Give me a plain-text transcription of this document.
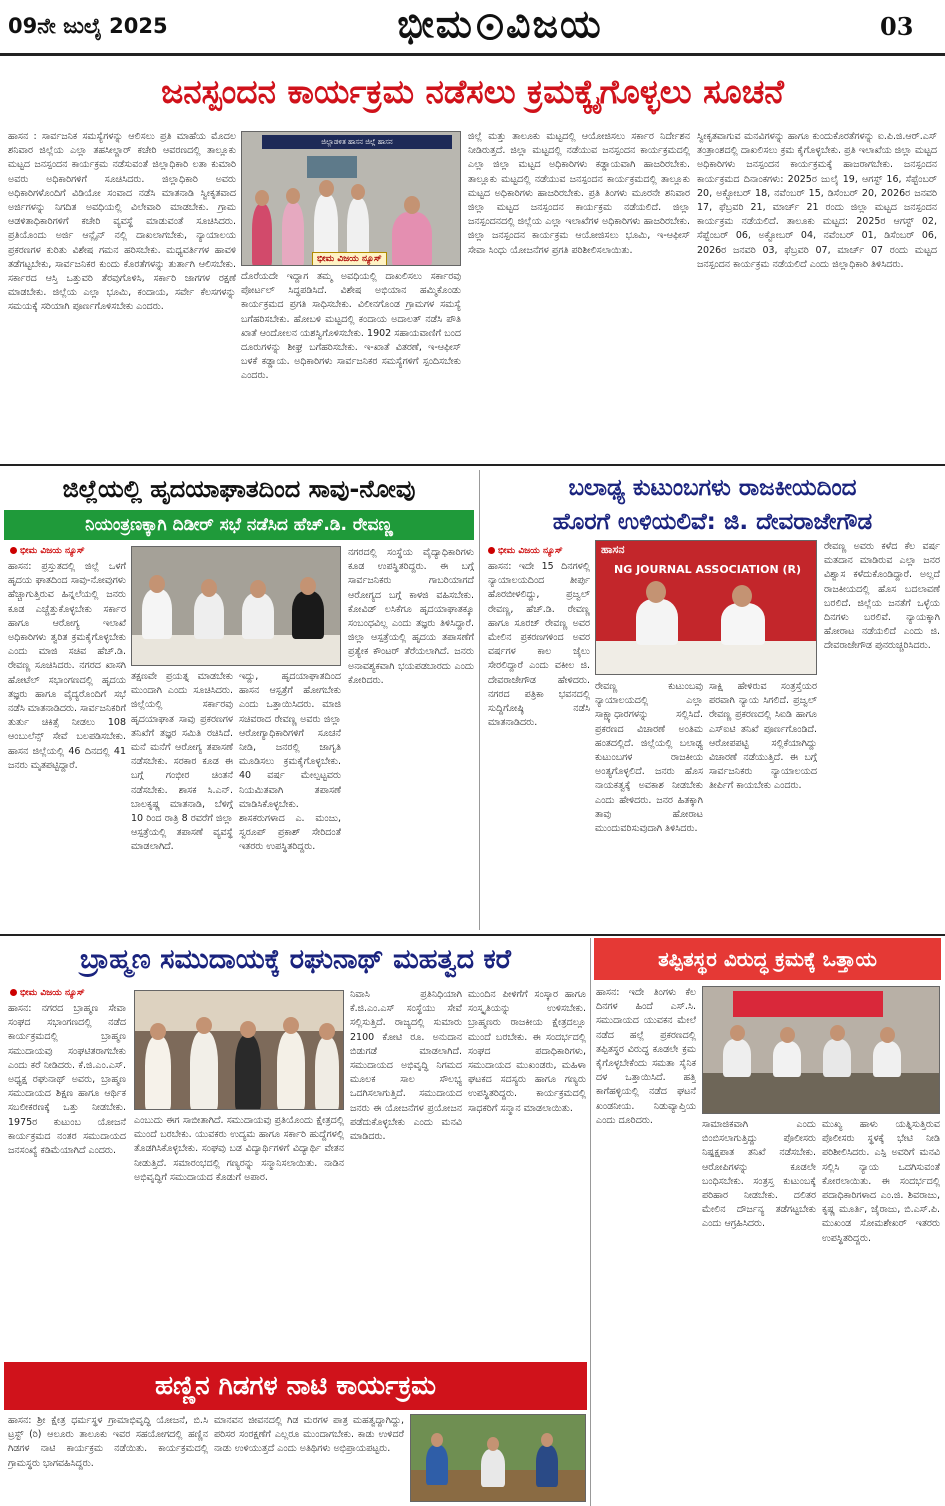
09ನೇ ಜುಲೈ 2025	ಭೀಮ ವಿಜಯ	03
ಜನಸ್ಪಂದನ ಕಾರ್ಯಕ್ರಮ ನಡೆಸಲು ಕ್ರಮಕ್ಕೈಗೊಳ್ಳಲು ಸೂಚನೆ
ಹಾಸನ : ಸಾರ್ವಜನಿಕ ಸಮಸ್ಯೆಗಳನ್ನು ಆಲಿಸಲು ಪ್ರತಿ ಮಾಹೆಯ ಮೊದಲ ಶನಿವಾರ ಜಿಲ್ಲೆಯ ಎಲ್ಲಾ ತಹಸೀಲ್ದಾರ್ ಕಚೇರಿ ಆವರಣದಲ್ಲಿ ತಾಲ್ಲೂಕು ಮಟ್ಟದ ಜನಸ್ಪಂದನ ಕಾರ್ಯಕ್ರಮ ನಡೆಸುವಂತೆ ಜಿಲ್ಲಾಧಿಕಾರಿ ಲತಾ ಕುಮಾರಿ ಅವರು ಅಧಿಕಾರಿಗಳಿಗೆ ಸೂಚಿಸಿದರು. ಜಿಲ್ಲಾಧಿಕಾರಿ ಅವರು ಅಧಿಕಾರಿಗಳೊಂದಿಗೆ ವಿಡಿಯೋ ಸಂವಾದ ನಡೆಸಿ ಮಾತನಾಡಿ ಸ್ವೀಕೃತವಾದ ಅರ್ಜಿಗಳನ್ನು ನಿಗದಿತ ಅವಧಿಯಲ್ಲಿ ವಿಲೇವಾರಿ ಮಾಡಬೇಕು. ಗ್ರಾಮ ಆಡಳಿತಾಧಿಕಾರಿಗಳಿಗೆ ಕಚೇರಿ ವ್ಯವಸ್ಥೆ ಮಾಡುವಂತೆ ಸೂಚಿಸಿದರು. ಪ್ರತಿಯೊಂದು ಅರ್ಜಿ ಆನ್ಲೈನ್ ನಲ್ಲಿ ದಾಖಲಾಗಬೇಕು, ನ್ಯಾಯಾಲಯ ಪ್ರಕರಣಗಳ ಕುರಿತು ವಿಶೇಷ ಗಮನ ಹರಿಸಬೇಕು. ಮಧ್ಯವರ್ತಿಗಳ ಹಾವಳಿ ತಡೆಗಟ್ಟಬೇಕು, ಸಾರ್ವಜನಿಕರ ಕುಂದು ಕೊರತೆಗಳನ್ನು ತುರ್ತಾಗಿ ಆಲಿಸಬೇಕು. ಸರ್ಕಾರದ ಆಸ್ತಿ ಒತ್ತುವರಿ ತೆರವುಗೊಳಿಸಿ, ಸರ್ಕಾರಿ ಜಾಗಗಳ ರಕ್ಷಣೆ ಮಾಡಬೇಕು. ಜಿಲ್ಲೆಯ ಎಲ್ಲಾ ಭೂಮಿ, ಕಂದಾಯ, ಸರ್ವೇ ಕೆಲಸಗಳನ್ನು ಸಮಯಕ್ಕೆ ಸರಿಯಾಗಿ ಪೂರ್ಣಗೊಳಿಸಬೇಕು ಎಂದರು.
ಜಿಲ್ಲಾಡಳಿತ ಹಾಸನ ಜಿಲ್ಲೆ ಹಾಸನ
ಭೀಮ ವಿಜಯ ನ್ಯೂಸ್
ದೊರೆಯದೇ ಇದ್ದಾಗ ತಮ್ಮ ಅವಧಿಯಲ್ಲಿ ದಾಖಲಿಸಲು ಸರ್ಕಾರವು ಪೋರ್ಟಲ್ ಸಿದ್ಧಪಡಿಸಿದೆ. ವಿಶೇಷ ಅಭಿಯಾನ ಹಮ್ಮಿಕೊಂಡು ಕಾರ್ಯಕ್ರಮದ ಪ್ರಗತಿ ಸಾಧಿಸಬೇಕು. ವಿಲೀನಗೊಂಡ ಗ್ರಾಮಗಳ ಸಮಸ್ಯೆ ಬಗೆಹರಿಸಬೇಕು. ಹೋಬಳಿ ಮಟ್ಟದಲ್ಲಿ ಕಂದಾಯ ಅದಾಲತ್ ನಡೆಸಿ ಪೌತಿ ಖಾತೆ ಆಂದೋಲನ ಯಶಸ್ವಿಗೊಳಿಸಬೇಕು. 1902 ಸಹಾಯವಾಣಿಗೆ ಬಂದ ದೂರುಗಳನ್ನು ಶೀಘ್ರ ಬಗೆಹರಿಸಬೇಕು. ಇ-ಖಾತೆ ವಿತರಣೆ, ಇ-ಆಫೀಸ್ ಬಳಕೆ ಕಡ್ಡಾಯ. ಅಧಿಕಾರಿಗಳು ಸಾರ್ವಜನಿಕರ ಸಮಸ್ಯೆಗಳಿಗೆ ಸ್ಪಂದಿಸಬೇಕು ಎಂದರು.
ಜಿಲ್ಲೆ ಮತ್ತು ತಾಲೂಕು ಮಟ್ಟದಲ್ಲಿ ಆಯೋಜಿಸಲು ಸರ್ಕಾರ ನಿರ್ದೇಶನ ನೀಡಿರುತ್ತದೆ. ಜಿಲ್ಲಾ ಮಟ್ಟದಲ್ಲಿ ನಡೆಯುವ ಜನಸ್ಪಂದನ ಕಾರ್ಯಕ್ರಮದಲ್ಲಿ ಎಲ್ಲಾ ಜಿಲ್ಲಾ ಮಟ್ಟದ ಅಧಿಕಾರಿಗಳು ಕಡ್ಡಾಯವಾಗಿ ಹಾಜರಿರಬೇಕು. ತಾಲ್ಲೂಕು ಮಟ್ಟದಲ್ಲಿ ನಡೆಯುವ ಜನಸ್ಪಂದನ ಕಾರ್ಯಕ್ರಮದಲ್ಲಿ ತಾಲ್ಲೂಕು ಮಟ್ಟದ ಅಧಿಕಾರಿಗಳು ಹಾಜರಿರಬೇಕು. ಪ್ರತಿ ತಿಂಗಳು ಮೂರನೇ ಶನಿವಾರ ಜಿಲ್ಲಾ ಮಟ್ಟದ ಜನಸ್ಪಂದನ ಕಾರ್ಯಕ್ರಮ ನಡೆಯಲಿದೆ. ಜಿಲ್ಲಾ ಜನಸ್ಪಂದನದಲ್ಲಿ ಜಿಲ್ಲೆಯ ಎಲ್ಲಾ ಇಲಾಖೆಗಳ ಅಧಿಕಾರಿಗಳು ಹಾಜರಿರಬೇಕು. ಜಿಲ್ಲಾ ಜನಸ್ಪಂದನ ಕಾರ್ಯಕ್ರಮ ಆಯೋಜಿಸಲು ಭೂಮಿ, ಇ-ಆಫೀಸ್ ಸೇವಾ ಸಿಂಧು ಯೋಜನೆಗಳ ಪ್ರಗತಿ ಪರಿಶೀಲಿಸಲಾಯಿತು.
ಸ್ವೀಕೃತವಾಗುವ ಮನವಿಗಳನ್ನು ಹಾಗೂ ಕುಂದುಕೊರತೆಗಳನ್ನು ಐ.ಪಿ.ಜಿ.ಆರ್.ಎಸ್ ತಂತ್ರಾಂಶದಲ್ಲಿ ದಾಖಲಿಸಲು ಕ್ರಮ ಕೈಗೊಳ್ಳಬೇಕು. ಪ್ರತಿ ಇಲಾಖೆಯ ಜಿಲ್ಲಾ ಮಟ್ಟದ ಅಧಿಕಾರಿಗಳು ಜನಸ್ಪಂದನ ಕಾರ್ಯಕ್ರಮಕ್ಕೆ ಹಾಜರಾಗಬೇಕು. ಜನಸ್ಪಂದನ ಕಾರ್ಯಕ್ರಮದ ದಿನಾಂಕಗಳು: 2025ರ ಜುಲೈ 19, ಆಗಸ್ಟ್ 16, ಸೆಪ್ಟೆಂಬರ್ 20, ಅಕ್ಟೋಬರ್ 18, ನವೆಂಬರ್ 15, ಡಿಸೆಂಬರ್ 20, 2026ರ ಜನವರಿ 17, ಫೆಬ್ರವರಿ 21, ಮಾರ್ಚ್ 21 ರಂದು ಜಿಲ್ಲಾ ಮಟ್ಟದ ಜನಸ್ಪಂದನ ಕಾರ್ಯಕ್ರಮ ನಡೆಯಲಿದೆ. ತಾಲೂಕು ಮಟ್ಟದ: 2025ರ ಆಗಸ್ಟ್ 02, ಸೆಪ್ಟೆಂಬರ್ 06, ಅಕ್ಟೋಬರ್ 04, ನವೆಂಬರ್ 01, ಡಿಸೆಂಬರ್ 06, 2026ರ ಜನವರಿ 03, ಫೆಬ್ರವರಿ 07, ಮಾರ್ಚ್ 07 ರಂದು ಮಟ್ಟದ ಜನಸ್ಪಂದನ ಕಾರ್ಯಕ್ರಮ ನಡೆಯಲಿದೆ ಎಂದು ಜಿಲ್ಲಾಧಿಕಾರಿ ತಿಳಿಸಿದರು.
ಜಿಲ್ಲೆಯಲ್ಲಿ ಹೃದಯಾಘಾತದಿಂದ ಸಾವು-ನೋವು
ನಿಯಂತ್ರಣಕ್ಕಾಗಿ ದಿಡೀರ್ ಸಭೆ ನಡೆಸಿದ ಹೆಚ್.ಡಿ. ರೇವಣ್ಣ
ಭೀಮ ವಿಜಯ ನ್ಯೂಸ್
ಹಾಸನ: ಪ್ರಸ್ತುತದಲ್ಲಿ ಜಿಲ್ಲೆ ಒಳಗೆ ಹೃದಯ ಘಾತದಿಂದ ಸಾವು-ನೋವುಗಳು ಹೆಚ್ಚಾಗುತ್ತಿರುವ ಹಿನ್ನಲೆಯಲ್ಲಿ ಜನರು ಕೂಡ ಎಚ್ಚೆತ್ತುಕೊಳ್ಳಬೇಕು ಸರ್ಕಾರ ಹಾಗೂ ಆರೋಗ್ಯ ಇಲಾಖೆ ಅಧಿಕಾರಿಗಳು ತ್ವರಿತ ಕ್ರಮಕೈಗೊಳ್ಳಬೇಕು ಎಂದು ಮಾಜಿ ಸಚಿವ ಹೆಚ್.ಡಿ. ರೇವಣ್ಣ ಸೂಚಿಸಿದರು. ನಗರದ ಖಾಸಗಿ ಹೋಟೆಲ್ ಸಭಾಂಗಣದಲ್ಲಿ ಹೃದಯ ತಜ್ಞರು ಹಾಗೂ ವೈದ್ಯರೊಂದಿಗೆ ಸಭೆ ನಡೆಸಿ ಮಾತನಾಡಿದರು. ಸಾರ್ವಜನಿಕರಿಗೆ ತುರ್ತು ಚಿಕಿತ್ಸೆ ನೀಡಲು 108 ಆಂಬುಲೆನ್ಸ್ ಸೇವೆ ಬಲಪಡಿಸಬೇಕು. ಹಾಸನ ಜಿಲ್ಲೆಯಲ್ಲಿ 46 ದಿನದಲ್ಲಿ 41 ಜನರು ಮೃತಪಟ್ಟಿದ್ದಾರೆ.
ತಕ್ಷಣವೇ ಪ್ರಯತ್ನ ಮಾಡಬೇಕು ಮುಂದಾಗಿ ಎಂದು ಸೂಚಿಸಿದರು. ಜಿಲ್ಲೆಯಲ್ಲಿ ಸರ್ಕಾರವು ಹೃದಯಾಘಾತ ಸಾವು ಪ್ರಕರಣಗಳ ತನಿಖೆಗೆ ತಜ್ಞರ ಸಮಿತಿ ರಚಿಸಿದೆ. ಮನೆ ಮನೆಗೆ ಆರೋಗ್ಯ ತಪಾಸಣೆ ನಡೆಸಬೇಕು. ಸರಕಾರ ಕೂಡ ಈ ಬಗ್ಗೆ ಗಂಭೀರ ಚಿಂತನೆ ನಡೆಸಬೇಕು. ಶಾಸಕ ಸಿ.ಎನ್. ಬಾಲಕೃಷ್ಣ ಮಾತನಾಡಿ, ಬೆಳಿಗ್ಗೆ 10 ರಿಂದ ರಾತ್ರಿ 8 ರವರೆಗೆ ಜಿಲ್ಲಾ ಆಸ್ಪತ್ರೆಯಲ್ಲಿ ತಪಾಸಣೆ ವ್ಯವಸ್ಥೆ ಮಾಡಲಾಗಿದೆ.
ಇದ್ದು, ಹೃದಯಾಘಾತದಿಂದ ಹಾಸನ ಆಸ್ಪತ್ರೆಗೆ ಹೋಗಬೇಕು ಎಂದು ಒತ್ತಾಯಿಸಿದರು. ಮಾಜಿ ಸಚಿವರಾದ ರೇವಣ್ಣ ಅವರು ಜಿಲ್ಲಾ ಆರೋಗ್ಯಾಧಿಕಾರಿಗಳಿಗೆ ಸೂಚನೆ ನೀಡಿ, ಜನರಲ್ಲಿ ಜಾಗೃತಿ ಮೂಡಿಸಲು ಕ್ರಮಕೈಗೊಳ್ಳಬೇಕು. 40 ವರ್ಷ ಮೇಲ್ಪಟ್ಟವರು ನಿಯಮಿತವಾಗಿ ತಪಾಸಣೆ ಮಾಡಿಸಿಕೊಳ್ಳಬೇಕು. ಶಾಸಕರುಗಳಾದ ಎ. ಮಂಜು, ಸ್ವರೂಪ್ ಪ್ರಕಾಶ್ ಸೇರಿದಂತೆ ಇತರರು ಉಪಸ್ಥಿತರಿದ್ದರು.
ನಗರದಲ್ಲಿ ಸಂಸ್ಥೆಯ ವೈದ್ಯಾಧಿಕಾರಿಗಳು ಕೂಡ ಉಪಸ್ಥಿತರಿದ್ದರು. ಈ ಬಗ್ಗೆ ಸಾರ್ವಜನಿಕರು ಗಾಬರಿಯಾಗದೆ ಆರೋಗ್ಯದ ಬಗ್ಗೆ ಕಾಳಜಿ ವಹಿಸಬೇಕು. ಕೋವಿಡ್ ಲಸಿಕೆಗೂ ಹೃದಯಾಘಾತಕ್ಕೂ ಸಂಬಂಧವಿಲ್ಲ ಎಂದು ತಜ್ಞರು ತಿಳಿಸಿದ್ದಾರೆ. ಜಿಲ್ಲಾ ಆಸ್ಪತ್ರೆಯಲ್ಲಿ ಹೃದಯ ತಪಾಸಣೆಗೆ ಪ್ರತ್ಯೇಕ ಕೌಂಟರ್ ತೆರೆಯಲಾಗಿದೆ. ಜನರು ಅನಾವಶ್ಯಕವಾಗಿ ಭಯಪಡಬಾರದು ಎಂದು ಕೋರಿದರು.
ಬಲಾಢ್ಯ ಕುಟುಂಬಗಳು ರಾಜಕೀಯದಿಂದ
ಹೊರಗೆ ಉಳಿಯಲಿವೆ: ಜಿ. ದೇವರಾಜೇಗೌಡ
ಭೀಮ ವಿಜಯ ನ್ಯೂಸ್
ಹಾಸನ: ಇದೇ 15 ದಿನಗಳಲ್ಲಿ ನ್ಯಾಯಾಲಯದಿಂದ ತೀರ್ಪು ಹೊರಬೀಳಲಿದ್ದು, ಪ್ರಜ್ವಲ್ ರೇವಣ್ಣ, ಹೆಚ್.ಡಿ. ರೇವಣ್ಣ ಹಾಗೂ ಸೂರಜ್ ರೇವಣ್ಣ ಅವರ ಮೇಲಿನ ಪ್ರಕರಣಗಳಿಂದ ಅವರ ವರ್ಷಗಳ ಕಾಲ ಜೈಲು ಸೇರಲಿದ್ದಾರೆ ಎಂದು ವಕೀಲ ಜಿ. ದೇವರಾಜೇಗೌಡ ಹೇಳಿದರು. ನಗರದ ಪತ್ರಿಕಾ ಭವನದಲ್ಲಿ ಸುದ್ದಿಗೋಷ್ಠಿ ನಡೆಸಿ ಮಾತನಾಡಿದರು.
ಹಾಸನ
NG JOURNAL ASSOCIATION (R)
ರೇವಣ್ಣ ಕುಟುಂಬವು ನ್ಯಾಯಾಲಯದಲ್ಲಿ ಎಲ್ಲಾ ಸಾಕ್ಷ್ಯಾಧಾರಗಳನ್ನು ಸಲ್ಲಿಸಿದೆ. ಪ್ರಕರಣದ ವಿಚಾರಣೆ ಅಂತಿಮ ಹಂತದಲ್ಲಿದೆ. ಜಿಲ್ಲೆಯಲ್ಲಿ ಬಲಾಢ್ಯ ಕುಟುಂಬಗಳ ರಾಜಕೀಯ ಅಂತ್ಯಗೊಳ್ಳಲಿದೆ. ಜನರು ಹೊಸ ನಾಯಕತ್ವಕ್ಕೆ ಅವಕಾಶ ನೀಡಬೇಕು ಎಂದು ಹೇಳಿದರು. ಜನರ ಹಿತಕ್ಕಾಗಿ ತಾವು ಹೋರಾಟ ಮುಂದುವರಿಸುವುದಾಗಿ ತಿಳಿಸಿದರು.
ಸಾಕ್ಷಿ ಹೇಳಿರುವ ಸಂತ್ರಸ್ತೆಯರ ಪರವಾಗಿ ನ್ಯಾಯ ಸಿಗಲಿದೆ. ಪ್ರಜ್ವಲ್ ರೇವಣ್ಣ ಪ್ರಕರಣದಲ್ಲಿ ಸಿಐಡಿ ಹಾಗೂ ಎಸ್ಐಟಿ ತನಿಖೆ ಪೂರ್ಣಗೊಂಡಿದೆ. ಆರೋಪಪಟ್ಟಿ ಸಲ್ಲಿಕೆಯಾಗಿದ್ದು ವಿಚಾರಣೆ ನಡೆಯುತ್ತಿದೆ. ಈ ಬಗ್ಗೆ ಸಾರ್ವಜನಿಕರು ನ್ಯಾಯಾಲಯದ ತೀರ್ಪಿಗೆ ಕಾಯಬೇಕು ಎಂದರು.
ರೇವಣ್ಣ ಅವರು ಕಳೆದ ಕೆಲ ವರ್ಷ ಮತದಾನ ಮಾಡಿರುವ ಎಲ್ಲಾ ಜನರ ವಿಶ್ವಾಸ ಕಳೆದುಕೊಂಡಿದ್ದಾರೆ. ಅಲ್ಲದೆ ರಾಜಕೀಯದಲ್ಲಿ ಹೊಸ ಬದಲಾವಣೆ ಬರಲಿದೆ. ಜಿಲ್ಲೆಯ ಜನತೆಗೆ ಒಳ್ಳೆಯ ದಿನಗಳು ಬರಲಿವೆ. ನ್ಯಾಯಕ್ಕಾಗಿ ಹೋರಾಟ ನಡೆಯಲಿದೆ ಎಂದು ಜಿ. ದೇವರಾಜೇಗೌಡ ಪುನರುಚ್ಚರಿಸಿದರು.
ಬ್ರಾಹ್ಮಣ ಸಮುದಾಯಕ್ಕೆ ರಘುನಾಥ್ ಮಹತ್ವದ ಕರೆ
ಭೀಮ ವಿಜಯ ನ್ಯೂಸ್
ಹಾಸನ: ನಗರದ ಬ್ರಾಹ್ಮಣ ಸೇವಾ ಸಂಘದ ಸಭಾಂಗಣದಲ್ಲಿ ನಡೆದ ಕಾರ್ಯಕ್ರಮದಲ್ಲಿ ಬ್ರಾಹ್ಮಣ ಸಮುದಾಯವು ಸಂಘಟಿತರಾಗಬೇಕು ಎಂದು ಕರೆ ನೀಡಿದರು. ಕೆ.ಜಿ.ಎಂ.ಎಸ್. ಅಧ್ಯಕ್ಷ ರಘುನಾಥ್ ಅವರು, ಬ್ರಾಹ್ಮಣ ಸಮುದಾಯದ ಶಿಕ್ಷಣ ಹಾಗೂ ಆರ್ಥಿಕ ಸಬಲೀಕರಣಕ್ಕೆ ಒತ್ತು ನೀಡಬೇಕು. 1975ರ ಕುಟುಂಬ ಯೋಜನೆ ಕಾರ್ಯಕ್ರಮದ ನಂತರ ಸಮುದಾಯದ ಜನಸಂಖ್ಯೆ ಕಡಿಮೆಯಾಗಿದೆ ಎಂದರು.
ಎಂಬುದು ಈಗ ಸಾಬೀತಾಗಿದೆ. ಸಮುದಾಯವು ಪ್ರತಿಯೊಂದು ಕ್ಷೇತ್ರದಲ್ಲಿ ಮುಂದೆ ಬರಬೇಕು. ಯುವಕರು ಉದ್ಯಮ ಹಾಗೂ ಸರ್ಕಾರಿ ಹುದ್ದೆಗಳಲ್ಲಿ ತೊಡಗಿಸಿಕೊಳ್ಳಬೇಕು. ಸಂಘವು ಬಡ ವಿದ್ಯಾರ್ಥಿಗಳಿಗೆ ವಿದ್ಯಾರ್ಥಿ ವೇತನ ನೀಡುತ್ತಿದೆ. ಸಮಾರಂಭದಲ್ಲಿ ಗಣ್ಯರನ್ನು ಸನ್ಮಾನಿಸಲಾಯಿತು. ನಾಡಿನ ಅಭಿವೃದ್ಧಿಗೆ ಸಮುದಾಯದ ಕೊಡುಗೆ ಅಪಾರ.
ನಿವಾಸಿ ಪ್ರತಿನಿಧಿಯಾಗಿ ಕೆ.ಜಿ.ಎಂ.ಎಸ್ ಸಂಸ್ಥೆಯು ಸೇವೆ ಸಲ್ಲಿಸುತ್ತಿದೆ. ರಾಜ್ಯದಲ್ಲಿ ಸುಮಾರು 2100 ಕೋಟಿ ರೂ. ಅನುದಾನ ಬಿಡುಗಡೆ ಮಾಡಲಾಗಿದೆ. ಸಮುದಾಯದ ಅಭಿವೃದ್ಧಿ ನಿಗಮದ ಮೂಲಕ ಸಾಲ ಸೌಲಭ್ಯ ಒದಗಿಸಲಾಗುತ್ತಿದೆ. ಸಮುದಾಯದ ಜನರು ಈ ಯೋಜನೆಗಳ ಪ್ರಯೋಜನ ಪಡೆದುಕೊಳ್ಳಬೇಕು ಎಂದು ಮನವಿ ಮಾಡಿದರು.
ಮುಂದಿನ ಪೀಳಿಗೆಗೆ ಸಂಸ್ಕಾರ ಹಾಗೂ ಸಂಸ್ಕೃತಿಯನ್ನು ಉಳಿಸಬೇಕು. ಬ್ರಾಹ್ಮಣರು ರಾಜಕೀಯ ಕ್ಷೇತ್ರದಲ್ಲೂ ಮುಂದೆ ಬರಬೇಕು. ಈ ಸಂದರ್ಭದಲ್ಲಿ ಸಂಘದ ಪದಾಧಿಕಾರಿಗಳು, ಸಮುದಾಯದ ಮುಖಂಡರು, ಮಹಿಳಾ ಘಟಕದ ಸದಸ್ಯರು ಹಾಗೂ ಗಣ್ಯರು ಉಪಸ್ಥಿತರಿದ್ದರು. ಕಾರ್ಯಕ್ರಮದಲ್ಲಿ ಸಾಧಕರಿಗೆ ಸನ್ಮಾನ ಮಾಡಲಾಯಿತು.
ತಪ್ಪಿತಸ್ಥರ ವಿರುದ್ಧ ಕ್ರಮಕ್ಕೆ ಒತ್ತಾಯ
ಹಾಸನ: ಇದೇ ತಿಂಗಳು ಕೆಲ ದಿನಗಳ ಹಿಂದೆ ಎಸ್.ಸಿ. ಸಮುದಾಯದ ಯುವಕನ ಮೇಲೆ ನಡೆದ ಹಲ್ಲೆ ಪ್ರಕರಣದಲ್ಲಿ ತಪ್ಪಿತಸ್ಥರ ವಿರುದ್ಧ ಕೂಡಲೇ ಕ್ರಮ ಕೈಗೊಳ್ಳಬೇಕೆಂದು ಸಮತಾ ಸೈನಿಕ ದಳ ಒತ್ತಾಯಿಸಿದೆ. ಹತ್ತಿ ಕಾಗೆಹಳ್ಳಿಯಲ್ಲಿ ನಡೆದ ಘಟನೆ ಖಂಡನೀಯ. ನಿಡುವ್ಯಾಪ್ತಿಯ ಎಂದು ದೂರಿದರು.	ಸಾಮಾಜಿಕವಾಗಿ ಎಂದು ಬಿಂಬಿಸಲಾಗುತ್ತಿದ್ದು ಪೊಲೀಸರು ನಿಷ್ಪಕ್ಷಪಾತ ತನಿಖೆ ನಡೆಸಬೇಕು. ಆರೋಪಿಗಳನ್ನು ಕೂಡಲೇ ಬಂಧಿಸಬೇಕು. ಸಂತ್ರಸ್ತ ಕುಟುಂಬಕ್ಕೆ ಪರಿಹಾರ ನೀಡಬೇಕು. ದಲಿತರ ಮೇಲಿನ ದೌರ್ಜನ್ಯ ತಡೆಗಟ್ಟಬೇಕು ಎಂದು ಆಗ್ರಹಿಸಿದರು.
ಮುಖ್ಯ ಹಾಳು ಯತ್ನಿಸುತ್ತಿರುವ ಪೊಲೀಸರು ಸ್ಥಳಕ್ಕೆ ಭೇಟಿ ನೀಡಿ ಪರಿಶೀಲಿಸಿದರು. ಎಸ್ಪಿ ಅವರಿಗೆ ಮನವಿ ಸಲ್ಲಿಸಿ ನ್ಯಾಯ ಒದಗಿಸುವಂತೆ ಕೋರಲಾಯಿತು. ಈ ಸಂದರ್ಭದಲ್ಲಿ ಪದಾಧಿಕಾರಿಗಳಾದ ಎಂ.ಜಿ. ಶಿವರಾಜು, ಕೃಷ್ಣ ಮೂರ್ತಿ, ಜೈರಾಜು, ಬಿ.ಎಸ್.ಪಿ. ಮುಖಂಡ ಸೋಮಶೇಖರ್ ಇತರರು ಉಪಸ್ಥಿತರಿದ್ದರು.
ಹಣ್ಣಿನ ಗಿಡಗಳ ನಾಟಿ ಕಾರ್ಯಕ್ರಮ
ಹಾಸನ: ಶ್ರೀ ಕ್ಷೇತ್ರ ಧರ್ಮಸ್ಥಳ ಗ್ರಾಮಾಭಿವೃದ್ಧಿ ಯೋಜನೆ, ಬಿ.ಸಿ ಟ್ರಸ್ಟ್ (ರಿ) ಆಲೂರು ತಾಲೂಕು ಇವರ ಸಹಯೋಗದಲ್ಲಿ ಹಣ್ಣಿನ ಗಿಡಗಳ ನಾಟಿ ಕಾರ್ಯಕ್ರಮ ನಡೆಯಿತು. ಕಾರ್ಯಕ್ರಮದಲ್ಲಿ ಗ್ರಾಮಸ್ಥರು ಭಾಗವಹಿಸಿದ್ದರು.
ಮಾನವನ ಜೀವನದಲ್ಲಿ ಗಿಡ ಮರಗಳ ಪಾತ್ರ ಮಹತ್ವದ್ದಾಗಿದ್ದು, ಪರಿಸರ ಸಂರಕ್ಷಣೆಗೆ ಎಲ್ಲರೂ ಮುಂದಾಗಬೇಕು. ಕಾಡು ಉಳಿದರೆ ನಾಡು ಉಳಿಯುತ್ತದೆ ಎಂದು ಅತಿಥಿಗಳು ಅಭಿಪ್ರಾಯಪಟ್ಟರು.
